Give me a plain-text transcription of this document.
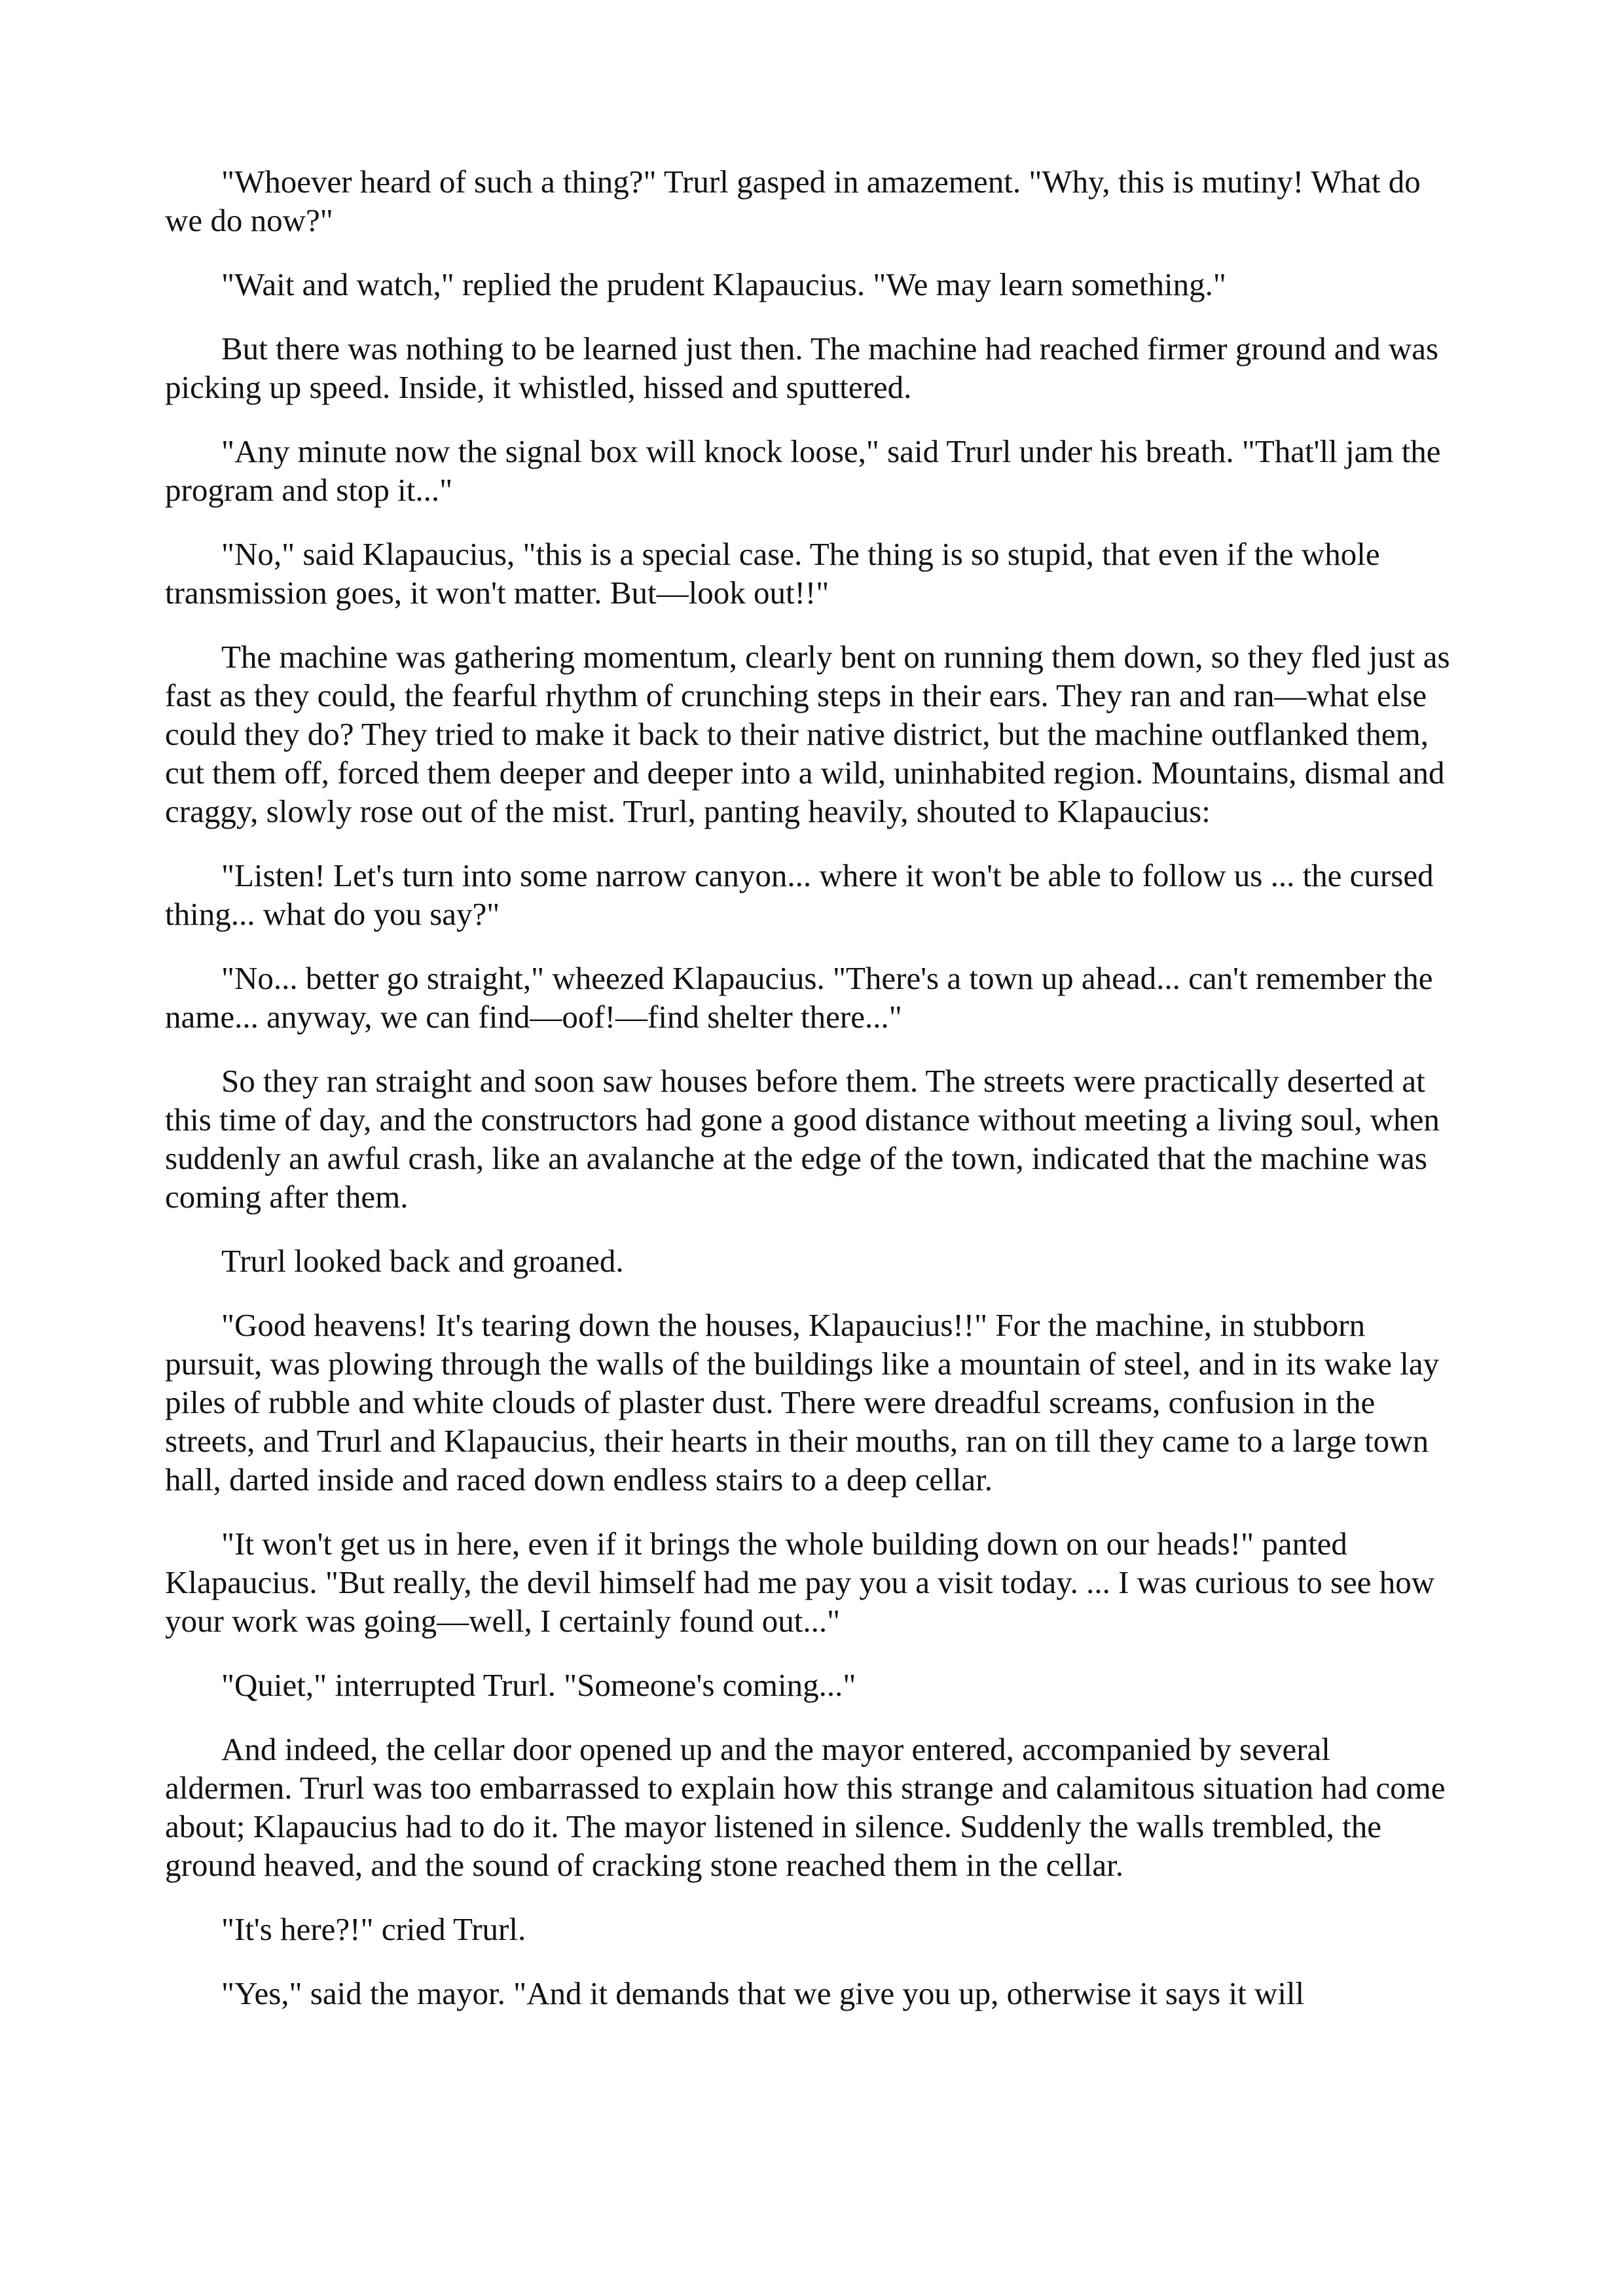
"Whoever heard of such a thing?" Trurl gasped in amazement. "Why, this is mutiny! What do we do now?"

"Wait and watch," replied the prudent Klapaucius. "We may learn something."

But there was nothing to be learned just then. The machine had reached firmer ground and was picking up speed. Inside, it whistled, hissed and sputtered.

"Any minute now the signal box will knock loose," said Trurl under his breath. "That'll jam the program and stop it..."

"No," said Klapaucius, "this is a special case. The thing is so stupid, that even if the whole transmission goes, it won't matter. But—look out!!"

The machine was gathering momentum, clearly bent on running them down, so they fled just as fast as they could, the fearful rhythm of crunching steps in their ears. They ran and ran—what else could they do? They tried to make it back to their native district, but the machine outflanked them, cut them off, forced them deeper and deeper into a wild, uninhabited region. Mountains, dismal and craggy, slowly rose out of the mist. Trurl, panting heavily, shouted to Klapaucius:

"Listen! Let's turn into some narrow canyon... where it won't be able to follow us ... the cursed thing... what do you say?"

"No... better go straight," wheezed Klapaucius. "There's a town up ahead... can't remember the name... anyway, we can find—oof!—find shelter there..."

So they ran straight and soon saw houses before them. The streets were practically deserted at this time of day, and the constructors had gone a good distance without meeting a living soul, when suddenly an awful crash, like an avalanche at the edge of the town, indicated that the machine was coming after them.

Trurl looked back and groaned.

"Good heavens! It's tearing down the houses, Klapaucius!!" For the machine, in stubborn pursuit, was plowing through the walls of the buildings like a mountain of steel, and in its wake lay piles of rubble and white clouds of plaster dust. There were dreadful screams, confusion in the streets, and Trurl and Klapaucius, their hearts in their mouths, ran on till they came to a large town hall, darted inside and raced down endless stairs to a deep cellar.

"It won't get us in here, even if it brings the whole building down on our heads!" panted Klapaucius. "But really, the devil himself had me pay you a visit today. ... I was curious to see how your work was going—well, I certainly found out..."

"Quiet," interrupted Trurl. "Someone's coming..."

And indeed, the cellar door opened up and the mayor entered, accompanied by several aldermen. Trurl was too embarrassed to explain how this strange and calamitous situation had come about; Klapaucius had to do it. The mayor listened in silence. Suddenly the walls trembled, the ground heaved, and the sound of cracking stone reached them in the cellar.

"It's here?!" cried Trurl.

"Yes," said the mayor. "And it demands that we give you up, otherwise it says it will
